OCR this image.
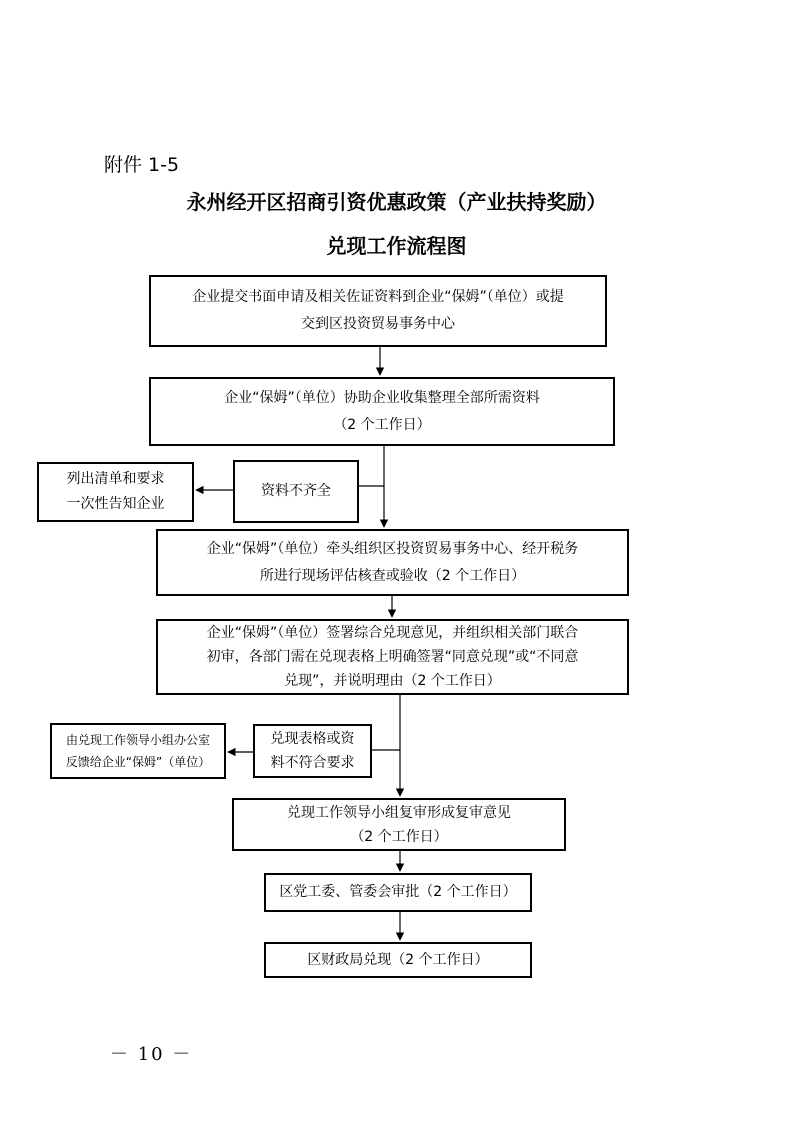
附件 1-5
永州经开区招商引资优惠政策（产业扶持奖励）
兑现工作流程图
企业提交书面申请及相关佐证资料到企业“保姆”（单位）或提
交到区投资贸易事务中心
企业“保姆”（单位）协助企业收集整理全部所需资料
（2 个工作日）
资料不齐全
列出清单和要求
一次性告知企业
企业“保姆”（单位）牵头组织区投资贸易事务中心、经开税务
所进行现场评估核查或验收（2 个工作日）
企业“保姆”（单位）签署综合兑现意见，并组织相关部门联合
初审，各部门需在兑现表格上明确签署“同意兑现”或“不同意
兑现”，并说明理由（2 个工作日）
兑现表格或资
料不符合要求
由兑现工作领导小组办公室
反馈给企业“保姆”（单位）
兑现工作领导小组复审形成复审意见
（2 个工作日）
区党工委、管委会审批（2 个工作日）
区财政局兑现（2 个工作日）
－ 10 －
